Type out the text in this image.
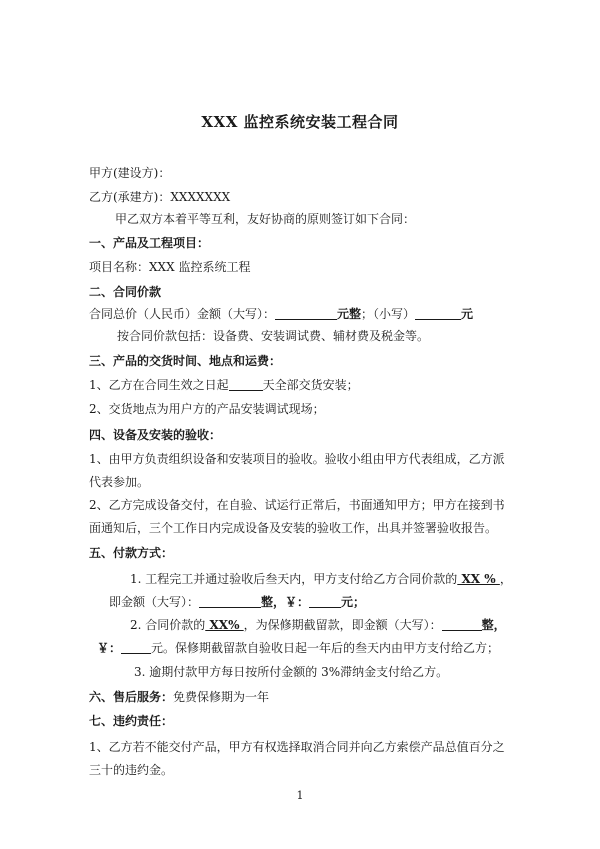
XXX 监控系统安装工程合同
甲方(建设方)：
乙方(承建方)：XXXXXXX
甲乙双方本着平等互利，友好协商的原则签订如下合同：
一、产品及工程项目：
项目名称：XXX 监控系统工程
二、合同价款
合同总价（人民币）金额（大写）：	元整；（小写）	元
按合同价款包括：设备费、安装调试费、辅材费及税金等。
三、产品的交货时间、地点和运费：
1、乙方在合同生效之日起	天全部交货安装；
2、交货地点为用户方的产品安装调试现场；
四、设备及安装的验收：
1、由甲方负责组织设备和安装项目的验收。验收小组由甲方代表组成，乙方派
代表参加。
2、乙方完成设备交付，在自验、试运行正常后，书面通知甲方；甲方在接到书
面通知后，三个工作日内完成设备及安装的验收工作，出具并签署验收报告。
五、付款方式：
1. 工程完工并通过验收后叁天内，甲方支付给乙方合同价款的 XX % ，
即金额（大写）：	整，￥：	元；
2. 合同价款的 XX% ，为保修期截留款，即金额（大写）：	整，
￥：	元。保修期截留款自验收日起一年后的叁天内由甲方支付给乙方；
3. 逾期付款甲方每日按所付金额的 3%滞纳金支付给乙方。
六、售后服务：免费保修期为一年
七、违约责任：
1、乙方若不能交付产品，甲方有权选择取消合同并向乙方索偿产品总值百分之
三十的违约金。
1
